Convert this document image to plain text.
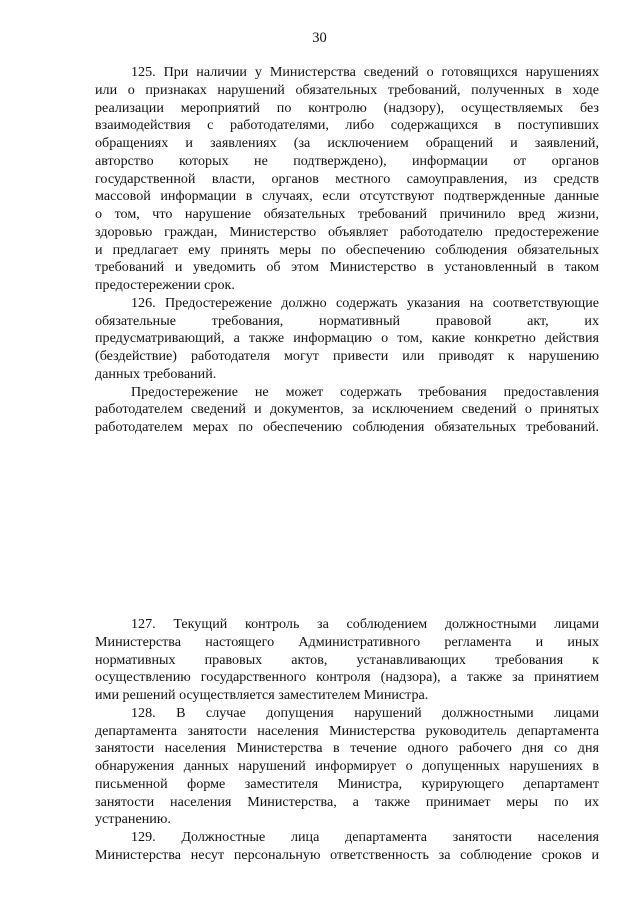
30
125. При наличии у Министерства сведений о готовящихся нарушениях
или о признаках нарушений обязательных требований, полученных в ходе
реализации мероприятий по контролю (надзору), осуществляемых без
взаимодействия с работодателями, либо содержащихся в поступивших
обращениях и заявлениях (за исключением обращений и заявлений,
авторство которых не подтверждено), информации от органов
государственной власти, органов местного самоуправления, из средств
массовой информации в случаях, если отсутствуют подтвержденные данные
о том, что нарушение обязательных требований причинило вред жизни,
здоровью граждан, Министерство объявляет работодателю предостережение
и предлагает ему принять меры по обеспечению соблюдения обязательных
требований и уведомить об этом Министерство в установленный в таком
предостережении срок.
126. Предостережение должно содержать указания на соответствующие
обязательные требования, нормативный правовой акт, их
предусматривающий, а также информацию о том, какие конкретно действия
(бездействие) работодателя могут привести или приводят к нарушению
данных требований.
Предостережение не может содержать требования предоставления
работодателем сведений и документов, за исключением сведений о принятых
работодателем мерах по обеспечению соблюдения обязательных требований.
127. Текущий контроль за соблюдением должностными лицами
Министерства настоящего Административного регламента и иных
нормативных правовых актов, устанавливающих требования к
осуществлению государственного контроля (надзора), а также за принятием
ими решений осуществляется заместителем Министра.
128. В случае допущения нарушений должностными лицами
департамента занятости населения Министерства руководитель департамента
занятости населения Министерства в течение одного рабочего дня со дня
обнаружения данных нарушений информирует о допущенных нарушениях в
письменной форме заместителя Министра, курирующего департамент
занятости населения Министерства, а также принимает меры по их
устранению.
129. Должностные лица департамента занятости населения
Министерства несут персональную ответственность за соблюдение сроков и
